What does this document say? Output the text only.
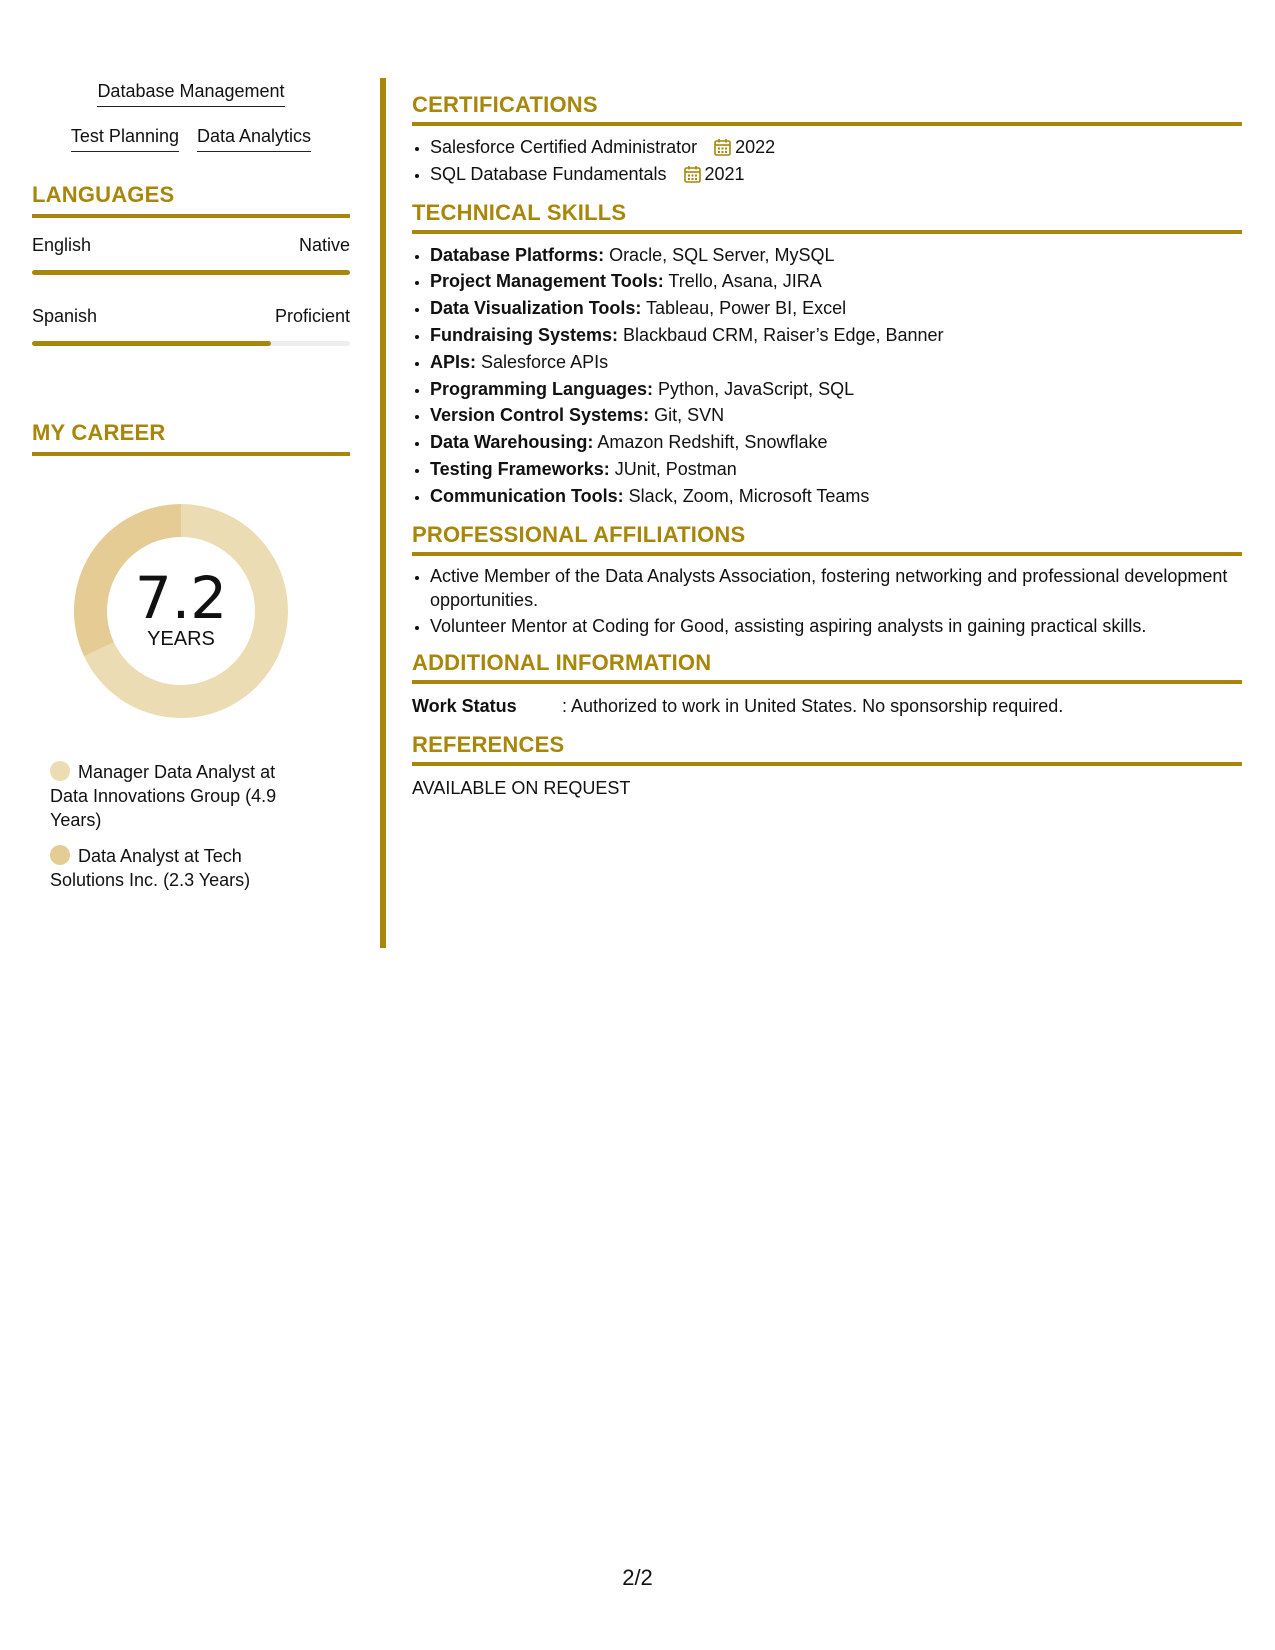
Database Management
Test Planning Data Analytics
LANGUAGES
English	Native
Spanish	Proficient
MY CAREER
7.2
YEARS
Manager Data Analyst at Data Innovations Group (4.9 Years)
Data Analyst at Tech Solutions Inc. (2.3 Years)
CERTIFICATIONS
• Salesforce Certified Administrator 2022
• SQL Database Fundamentals 2021
TECHNICAL SKILLS
• Database Platforms: Oracle, SQL Server, MySQL
• Project Management Tools: Trello, Asana, JIRA
• Data Visualization Tools: Tableau, Power BI, Excel
• Fundraising Systems: Blackbaud CRM, Raiser’s Edge, Banner
• APIs: Salesforce APIs
• Programming Languages: Python, JavaScript, SQL
• Version Control Systems: Git, SVN
• Data Warehousing: Amazon Redshift, Snowflake
• Testing Frameworks: JUnit, Postman
• Communication Tools: Slack, Zoom, Microsoft Teams
PROFESSIONAL AFFILIATIONS
• Active Member of the Data Analysts Association, fostering networking and professional development opportunities.
• Volunteer Mentor at Coding for Good, assisting aspiring analysts in gaining practical skills.
ADDITIONAL INFORMATION
Work Status	: Authorized to work in United States. No sponsorship required.
REFERENCES

AVAILABLE ON REQUEST

2/2
